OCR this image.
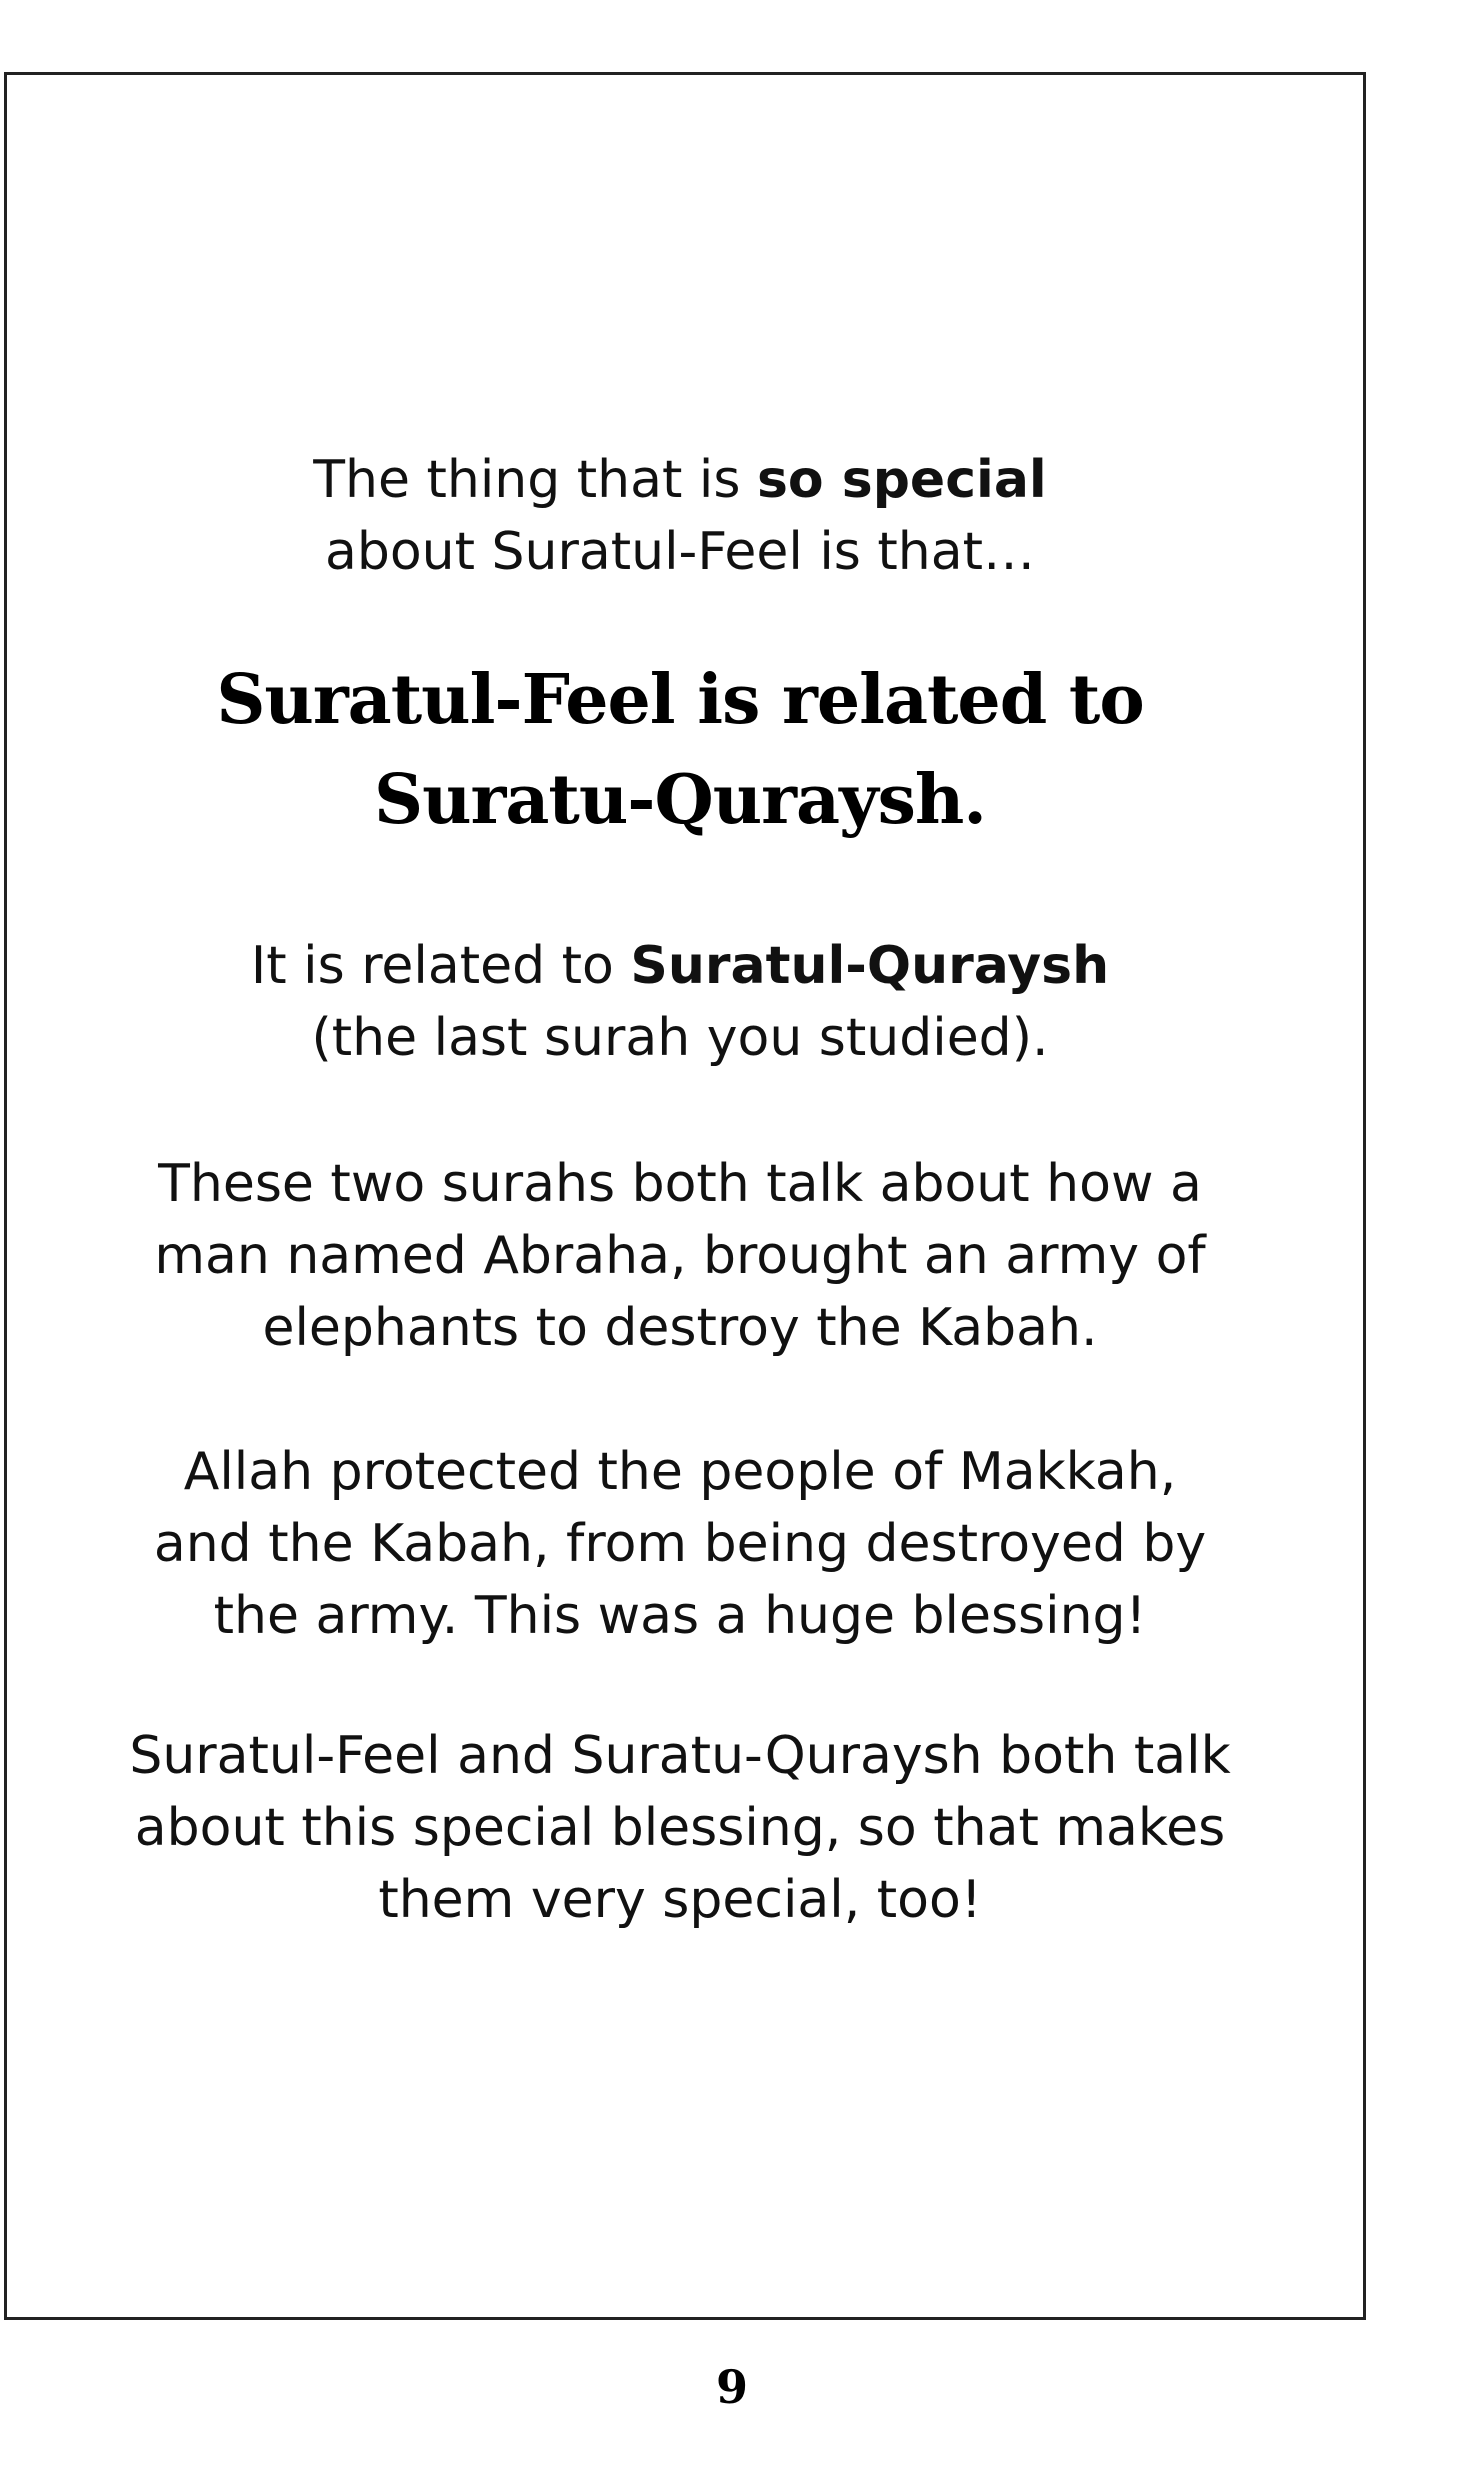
The thing that is so special
about Suratul-Feel is that…
Suratul-Feel is related to
Suratu-Quraysh.
It is related to Suratul-Quraysh
(the last surah you studied).
These two surahs both talk about how a
man named Abraha, brought an army of
elephants to destroy the Kabah.
Allah protected the people of Makkah,
and the Kabah, from being destroyed by
the army. This was a huge blessing!
Suratul-Feel and Suratu-Quraysh both talk
about this special blessing, so that makes
them very special, too!
9
